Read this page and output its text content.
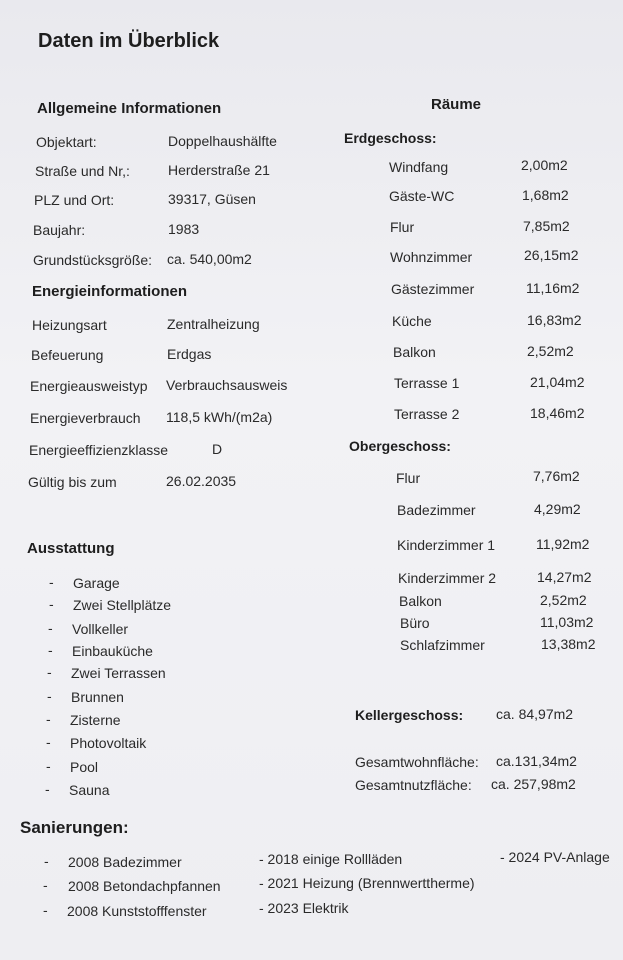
Daten im Überblick
Allgemeine Informationen
Objektart:	Doppelhaushälfte
Straße und Nr,:	Herderstraße 21
PLZ und Ort:	39317, Güsen
Baujahr:	1983
Grundstücksgröße: ca. 540,00m2
Energieinformationen
Heizungsart	Zentralheizung
Befeuerung	Erdgas
Energieausweistyp Verbrauchsausweis
Energieverbrauch 118,5 kWh/(m2a)
Energieeffizienzklasse	D
Gültig bis zum	26.02.2035
Ausstattung
- Garage
- Zwei Stellplätze
- Vollkeller
- Einbauküche
- Zwei Terrassen
- Brunnen
- Zisterne
- Photovoltaik
- Pool
- Sauna
Räume
Erdgeschoss:
Windfang	2,00m2
Gäste-WC	1,68m2
Flur	7,85m2
Wohnzimmer	26,15m2
Gästezimmer	11,16m2
Küche	16,83m2
Balkon	2,52m2
Terrasse 1	21,04m2
Terrasse 2	18,46m2
Obergeschoss:
Flur	7,76m2
Badezimmer	4,29m2
Kinderzimmer 1	11,92m2
Kinderzimmer 2	14,27m2
Balkon	2,52m2
Büro	11,03m2
Schlafzimmer	13,38m2
Kellergeschoss: ca. 84,97m2
Gesamtwohnfläche: ca.131,34m2
Gesamtnutzfläche: ca. 257,98m2
Sanierungen:
- 2008 Badezimmer
- 2008 Betondachpfannen
- 2008 Kunststofffenster
- 2018 einige Rollläden
- 2021 Heizung (Brennwerttherme)
- 2023 Elektrik
- 2024 PV-Anlage
